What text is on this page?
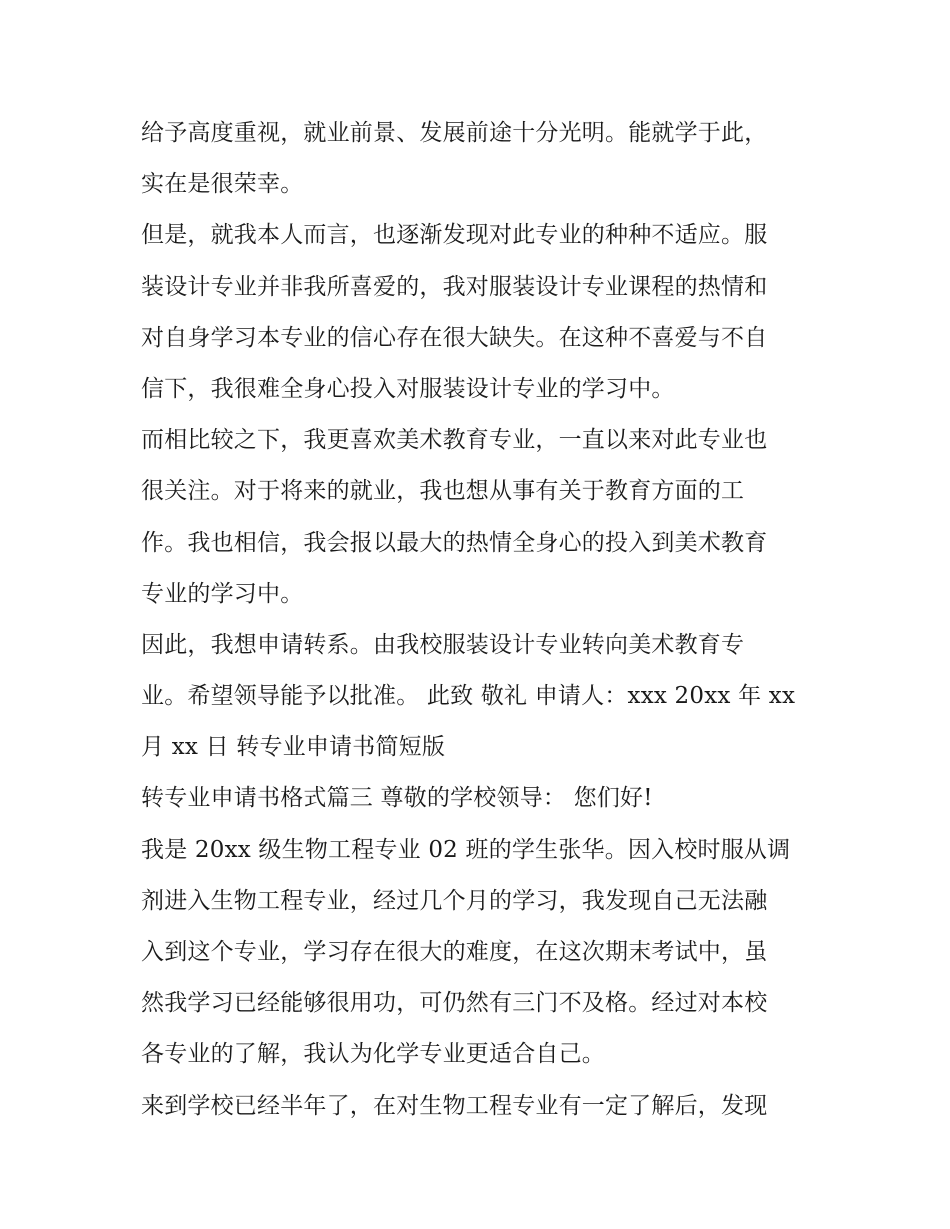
给予高度重视，就业前景、发展前途十分光明。能就学于此，
实在是很荣幸。
但是，就我本人而言，也逐渐发现对此专业的种种不适应。服
装设计专业并非我所喜爱的，我对服装设计专业课程的热情和
对自身学习本专业的信心存在很大缺失。在这种不喜爱与不自
信下，我很难全身心投入对服装设计专业的学习中。
而相比较之下，我更喜欢美术教育专业，一直以来对此专业也
很关注。对于将来的就业，我也想从事有关于教育方面的工
作。我也相信，我会报以最大的热情全身心的投入到美术教育
专业的学习中。
因此，我想申请转系。由我校服装设计专业转向美术教育专
业。希望领导能予以批准。 此致 敬礼 申请人：xxx 20xx 年 xx
月 xx 日 转专业申请书简短版
转专业申请书格式篇三 尊敬的学校领导： 您们好!
我是 20xx 级生物工程专业 02 班的学生张华。因入校时服从调
剂进入生物工程专业，经过几个月的学习，我发现自己无法融
入到这个专业，学习存在很大的难度，在这次期末考试中，虽
然我学习已经能够很用功，可仍然有三门不及格。经过对本校
各专业的了解，我认为化学专业更适合自己。
来到学校已经半年了，在对生物工程专业有一定了解后，发现
